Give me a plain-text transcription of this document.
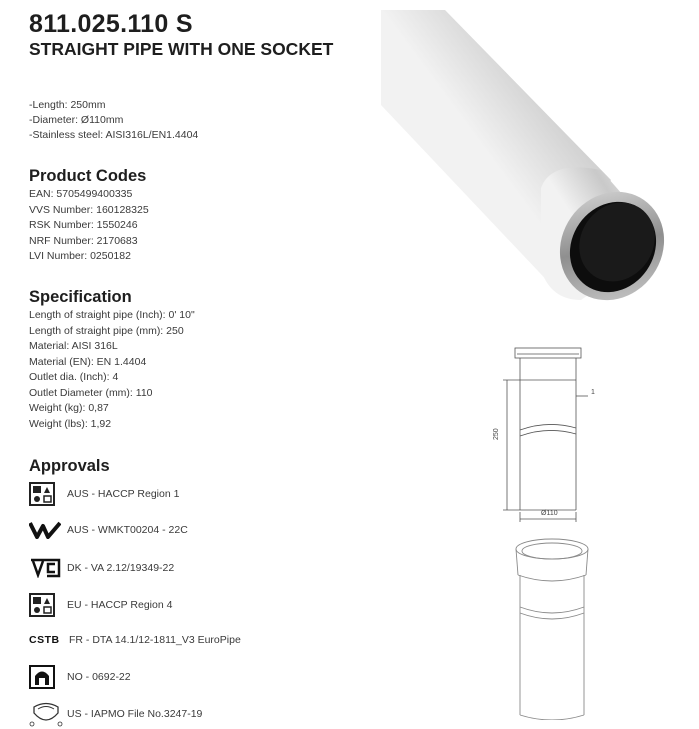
811.025.110 S
STRAIGHT PIPE WITH ONE SOCKET
-Length: 250mm
-Diameter: Ø110mm
-Stainless steel: AISI316L/EN1.4404
Product Codes
EAN: 5705499400335
VVS Number: 160128325
RSK Number: 1550246
NRF Number: 2170683
LVI Number: 0250182
Specification
Length of straight pipe (Inch): 0' 10"
Length of straight pipe (mm): 250
Material: AISI 316L
Material (EN): EN 1.4404
Outlet dia. (Inch): 4
Outlet Diameter (mm): 110
Weight (kg): 0,87
Weight (lbs): 1,92
Approvals
AUS - HACCP Region 1
AUS - WMKT00204 - 22C
DK - VA 2.12/19349-22
EU - HACCP Region 4
CSTB FR - DTA 14.1/12-1811_V3 EuroPipe
NO - 0692-22
US - IAPMO File No.3247-19
250
Ø110
1
